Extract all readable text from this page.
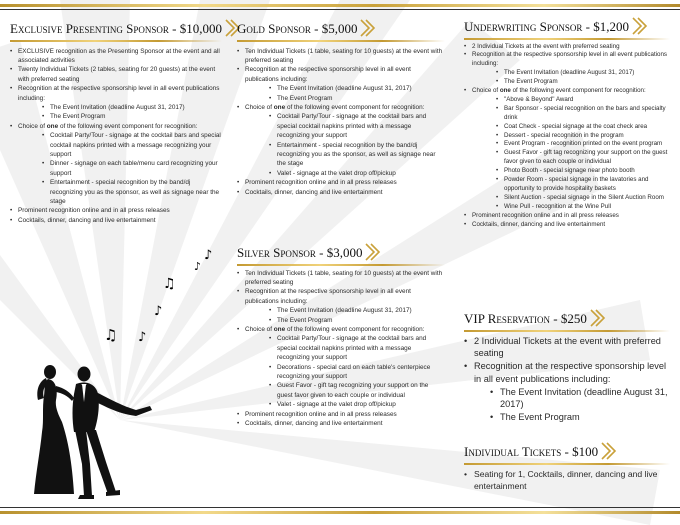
Exclusive Presenting Sponsor - $10,000
• EXCLUSIVE recognition as the Presenting Sponsor at the event and all associated activities
• Twenty Individual Tickets (2 tables, seating for 20 guests) at the event with preferred seating
• Recognition at the respective sponsorship level in all event publications including:
• The Event Invitation (deadline August 31, 2017)
• The Event Program
• Choice of one of the following event component for recognition:
• Cocktail Party/Tour - signage at the cocktail bars and special cocktail napkins printed with a message recognizing your support
• Dinner - signage on each table/menu card recognizing your support
• Entertainment - special recognition by the band/dj recognizing you as the sponsor, as well as signage near the stage
• Prominent recognition online and in all press releases
• Cocktails, dinner, dancing and live entertainment
Gold Sponsor - $5,000
• Ten Individual Tickets (1 table, seating for 10 guests) at the event with preferred seating
• Recognition at the respective sponsorship level in all event publications including:
• The Event Invitation (deadline August 31, 2017)
• The Event Program
• Choice of one of the following event component for recognition:
• Cocktail Party/Tour - signage at the cocktail bars and special cocktail napkins printed with a message recognizing your support
• Entertainment - special recognition by the band/dj recognizing you as the sponsor, as well as signage near the stage
• Valet - signage at the valet drop off/pickup
• Prominent recognition online and in all press releases
• Cocktails, dinner, dancing and live entertainment
Silver Sponsor - $3,000
• Ten Individual Tickets (1 table, seating for 10 guests) at the event with preferred seating
• Recognition at the respective sponsorship level in all event publications including:
• The Event Invitation (deadline August 31, 2017)
• The Event Program
• Choice of one of the following event component for recognition:
• Cocktail Party/Tour - signage at the cocktail bars and special cocktail napkins printed with a message recognizing your support
• Decorations - special card on each table's centerpiece recognizing your support
• Guest Favor - gift tag recognizing your support on the guest favor given to each couple or individual
• Valet - signage at the valet drop off/pickup
• Prominent recognition online and in all press releases
• Cocktails, dinner, dancing and live entertainment
Underwriting Sponsor - $1,200
• 2 Individual Tickets at the event with preferred seating
• Recognition at the respective sponsorship level in all event publications including:
• The Event Invitation (deadline August 31, 2017)
• The Event Program
• Choice of one of the following event component for recognition:
• "Above & Beyond" Award
• Bar Sponsor - special recognition on the bars and specialty drink
• Coat Check - special signage at the coat check area
• Dessert - special recognition in the program
• Event Program - recognition printed on the event program
• Guest Favor - gift tag recognizing your support on the guest favor given to each couple or individual
• Photo Booth - special signage near photo booth
• Powder Room - special signage in the lavatories and opportunity to provide hospitality baskets
• Silent Auction - special signage in the Silent Auction Room
• Wine Pull - recognition at the Wine Pull
• Prominent recognition online and in all press releases
• Cocktails, dinner, dancing and live entertainment
VIP Reservation - $250
• 2 Individual Tickets at the event with preferred seating
• Recognition at the respective sponsorship level in all event publications including:
• The Event Invitation (deadline August 31, 2017)
• The Event Program
Individual Tickets - $100
• Seating for 1, Cocktails, dinner, dancing and live entertainment
♪
♪
♫
♪
♫ ♪
